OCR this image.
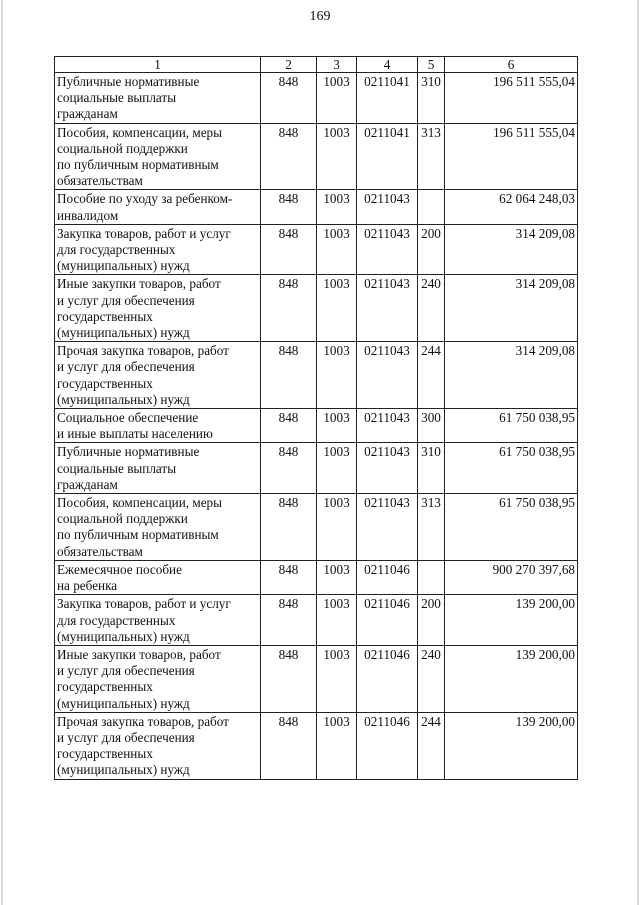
169
1	2	3	4	5	6

Публичные нормативные
социальные выплаты
гражданам	848	1003	0211041	310	196 511 555,04

Пособия, компенсации, меры
социальной поддержки
по публичным нормативным
обязательствам	848	1003	0211041	313	196 511 555,04

Пособие по уходу за ребенком-
инвалидом	848	1003	0211043		62 064 248,03

Закупка товаров, работ и услуг
для государственных
(муниципальных) нужд	848	1003	0211043	200	314 209,08

Иные закупки товаров, работ
и услуг для обеспечения
государственных
(муниципальных) нужд	848	1003	0211043	240	314 209,08

Прочая закупка товаров, работ
и услуг для обеспечения
государственных
(муниципальных) нужд	848	1003	0211043	244	314 209,08

Социальное обеспечение
и иные выплаты населению	848	1003	0211043	300	61 750 038,95

Публичные нормативные
социальные выплаты
гражданам	848	1003	0211043	310	61 750 038,95

Пособия, компенсации, меры
социальной поддержки
по публичным нормативным
обязательствам	848	1003	0211043	313	61 750 038,95

Ежемесячное пособие
на ребенка	848	1003	0211046		900 270 397,68

Закупка товаров, работ и услуг
для государственных
(муниципальных) нужд	848	1003	0211046	200	139 200,00

Иные закупки товаров, работ
и услуг для обеспечения
государственных
(муниципальных) нужд	848	1003	0211046	240	139 200,00

Прочая закупка товаров, работ
и услуг для обеспечения
государственных
(муниципальных) нужд	848	1003	0211046	244	139 200,00
